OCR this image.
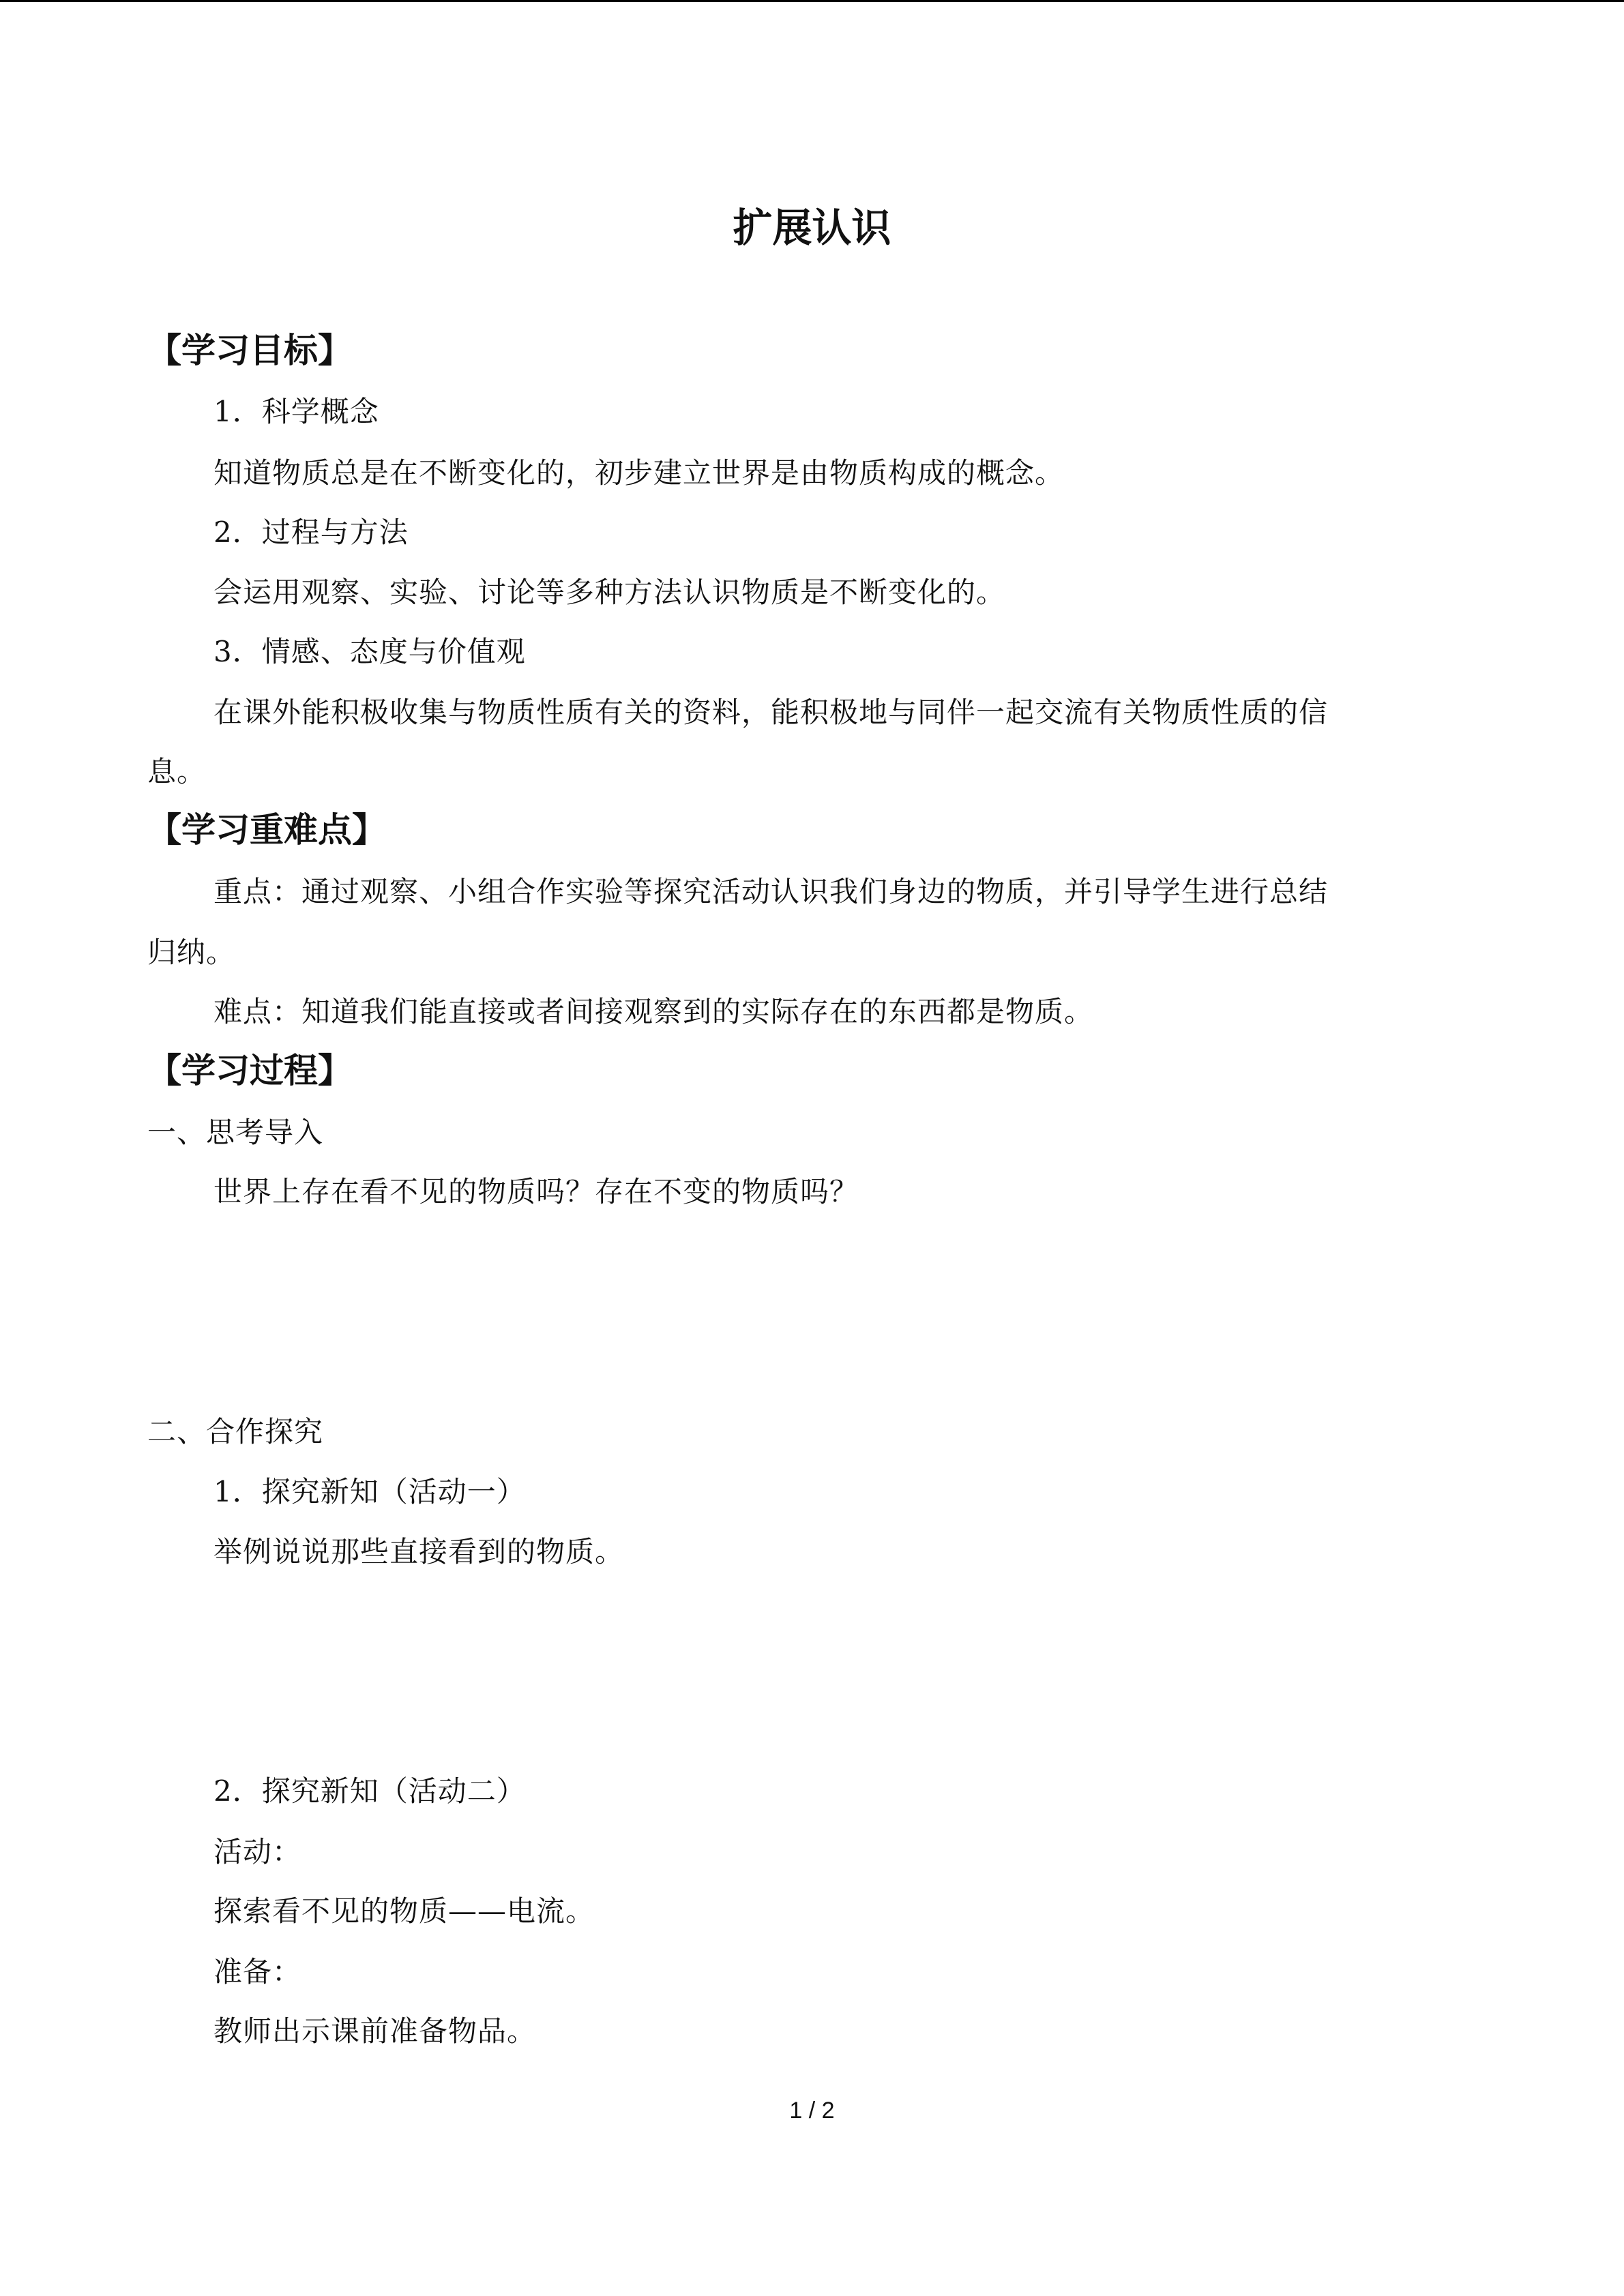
扩展认识
【学习目标】
1．科学概念
知道物质总是在不断变化的，初步建立世界是由物质构成的概念。
2．过程与方法
会运用观察、实验、讨论等多种方法认识物质是不断变化的。
3．情感、态度与价值观
在课外能积极收集与物质性质有关的资料，能积极地与同伴一起交流有关物质性质的信
息。
【学习重难点】
重点：通过观察、小组合作实验等探究活动认识我们身边的物质，并引导学生进行总结
归纳。
难点：知道我们能直接或者间接观察到的实际存在的东西都是物质。
【学习过程】
一、思考导入
世界上存在看不见的物质吗？存在不变的物质吗？
二、合作探究
1．探究新知（活动一）
举例说说那些直接看到的物质。
2．探究新知（活动二）
活动：
探索看不见的物质——电流。
准备：
教师出示课前准备物品。
1 / 2
